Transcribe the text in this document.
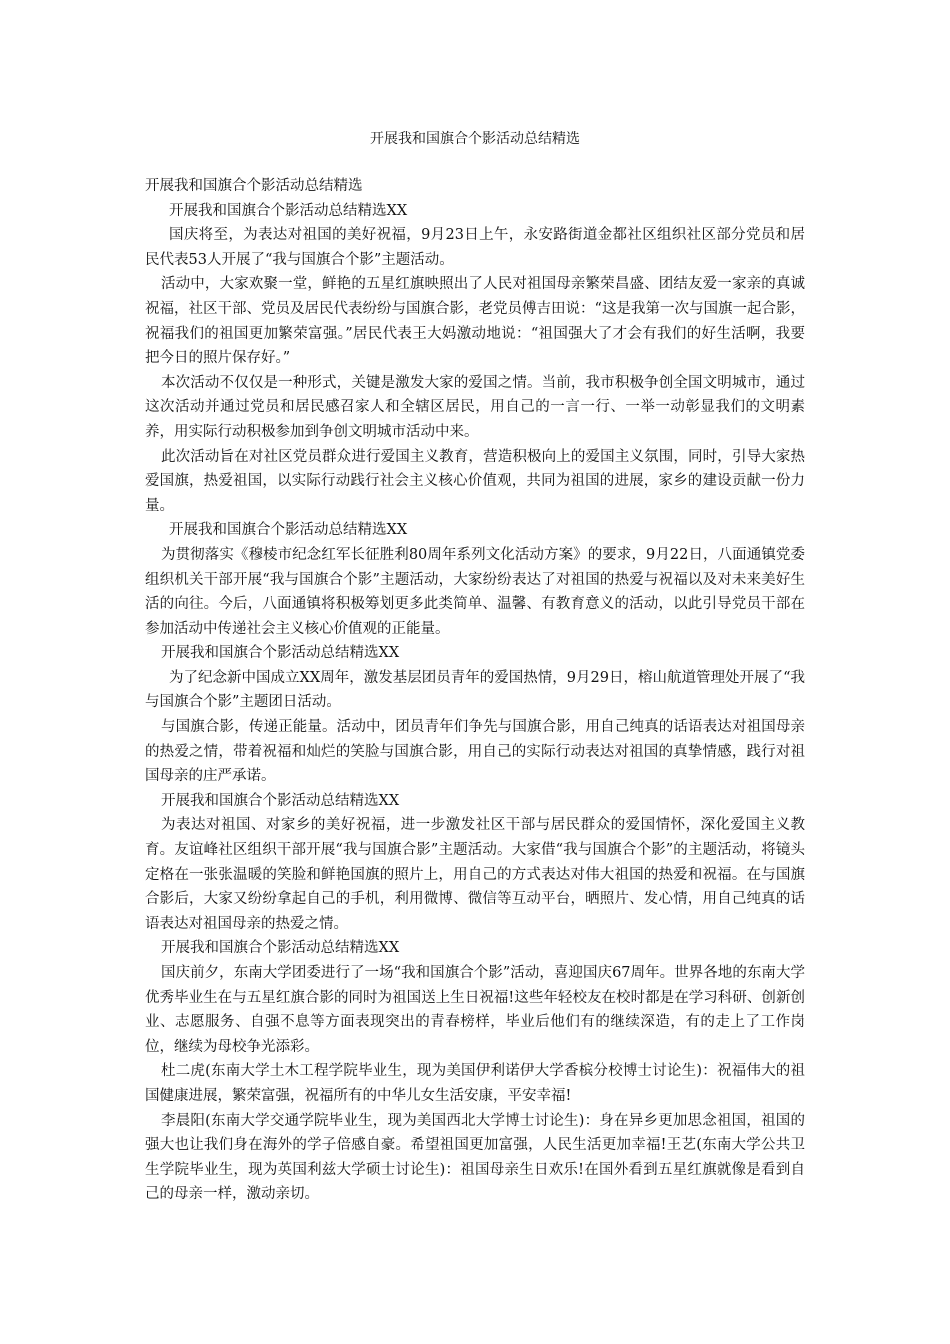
开展我和国旗合个影活动总结精选

开展我和国旗合个影活动总结精选

开展我和国旗合个影活动总结精选XX

国庆将至，为表达对祖国的美好祝福，9月23日上午，永安路街道金都社区组织社区部分党员和居民代表53人开展了“我与国旗合个影”主题活动。

活动中，大家欢聚一堂，鲜艳的五星红旗映照出了人民对祖国母亲繁荣昌盛、团结友爱一家亲的真诚祝福，社区干部、党员及居民代表纷纷与国旗合影，老党员傅吉田说：“这是我第一次与国旗一起合影，祝福我们的祖国更加繁荣富强。”居民代表王大妈激动地说：“祖国强大了才会有我们的好生活啊，我要把今日的照片保存好。”

本次活动不仅仅是一种形式，关键是激发大家的爱国之情。当前，我市积极争创全国文明城市，通过这次活动并通过党员和居民感召家人和全辖区居民，用自己的一言一行、一举一动彰显我们的文明素养，用实际行动积极参加到争创文明城市活动中来。

此次活动旨在对社区党员群众进行爱国主义教育，营造积极向上的爱国主义氛围，同时，引导大家热爱国旗，热爱祖国，以实际行动践行社会主义核心价值观，共同为祖国的进展，家乡的建设贡献一份力量。

开展我和国旗合个影活动总结精选XX

为贯彻落实《穆棱市纪念红军长征胜利80周年系列文化活动方案》的要求，9月22日，八面通镇党委组织机关干部开展“我与国旗合个影”主题活动，大家纷纷表达了对祖国的热爱与祝福以及对未来美好生活的向往。今后，八面通镇将积极筹划更多此类简单、温馨、有教育意义的活动，以此引导党员干部在参加活动中传递社会主义核心价值观的正能量。

开展我和国旗合个影活动总结精选XX

为了纪念新中国成立XX周年，激发基层团员青年的爱国热情，9月29日，榕山航道管理处开展了“我与国旗合个影”主题团日活动。

与国旗合影，传递正能量。活动中，团员青年们争先与国旗合影，用自己纯真的话语表达对祖国母亲的热爱之情，带着祝福和灿烂的笑脸与国旗合影，用自己的实际行动表达对祖国的真挚情感，践行对祖国母亲的庄严承诺。

开展我和国旗合个影活动总结精选XX

为表达对祖国、对家乡的美好祝福，进一步激发社区干部与居民群众的爱国情怀，深化爱国主义教育。友谊峰社区组织干部开展“我与国旗合影”主题活动。大家借“我与国旗合个影”的主题活动，将镜头定格在一张张温暖的笑脸和鲜艳国旗的照片上，用自己的方式表达对伟大祖国的热爱和祝福。在与国旗合影后，大家又纷纷拿起自己的手机，利用微博、微信等互动平台，晒照片、发心情，用自己纯真的话语表达对祖国母亲的热爱之情。

开展我和国旗合个影活动总结精选XX

国庆前夕，东南大学团委进行了一场“我和国旗合个影”活动，喜迎国庆67周年。世界各地的东南大学优秀毕业生在与五星红旗合影的同时为祖国送上生日祝福!这些年轻校友在校时都是在学习科研、创新创业、志愿服务、自强不息等方面表现突出的青春榜样，毕业后他们有的继续深造，有的走上了工作岗位，继续为母校争光添彩。

杜二虎(东南大学土木工程学院毕业生，现为美国伊利诺伊大学香槟分校博士讨论生)：祝福伟大的祖国健康进展，繁荣富强，祝福所有的中华儿女生活安康，平安幸福!

李晨阳(东南大学交通学院毕业生，现为美国西北大学博士讨论生)：身在异乡更加思念祖国，祖国的强大也让我们身在海外的学子倍感自豪。希望祖国更加富强，人民生活更加幸福!王艺(东南大学公共卫生学院毕业生，现为英国利兹大学硕士讨论生)：祖国母亲生日欢乐!在国外看到五星红旗就像是看到自己的母亲一样，激动亲切。
